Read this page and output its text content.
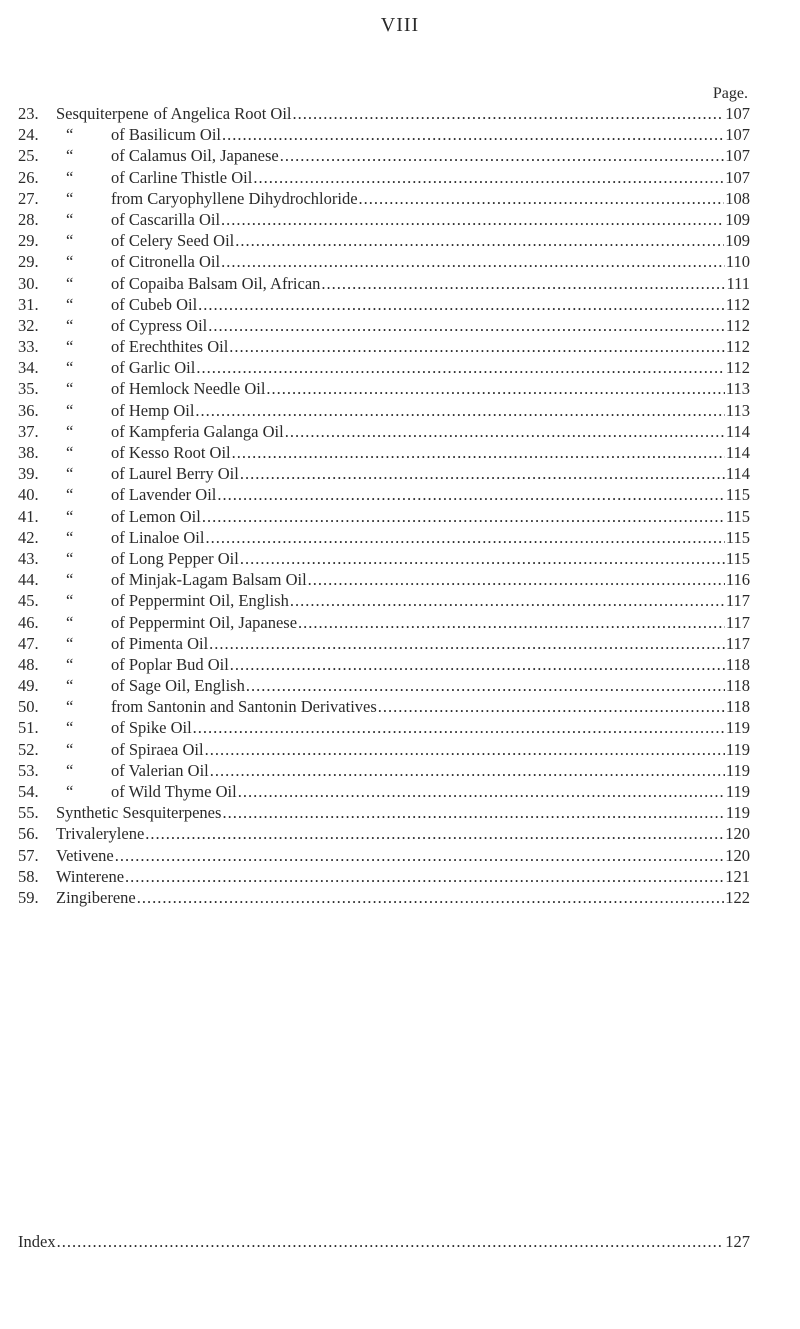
VIII
Page.
23.	Sesquiterpene of Angelica Root Oil .....	107
24.	“	of Basilicum Oil .....	107
25.	“	of Calamus Oil, Japanese .....	107
26.	“	of Carline Thistle Oil .....	107
27.	“	from Caryophyllene Dihydrochloride .....	108
28.	“	of Cascarilla Oil .....	109
29.	“	of Celery Seed Oil .....	109
29.	“	of Citronella Oil .....	110
30.	“	of Copaiba Balsam Oil, African .....	111
31.	“	of Cubeb Oil .....	112
32.	“	of Cypress Oil .....	112
33.	“	of Erechthites Oil .....	112
34.	“	of Garlic Oil .....	112
35.	“	of Hemlock Needle Oil .....	113
36.	“	of Hemp Oil .....	113
37.	“	of Kampferia Galanga Oil .....	114
38.	“	of Kesso Root Oil .....	114
39.	“	of Laurel Berry Oil .....	114
40.	“	of Lavender Oil .....	115
41.	“	of Lemon Oil .....	115
42.	“	of Linaloe Oil .....	115
43.	“	of Long Pepper Oil .....	115
44.	“	of Minjak-Lagam Balsam Oil .....	116
45.	“	of Peppermint Oil, English .....	117
46.	“	of Peppermint Oil, Japanese .....	117
47.	“	of Pimenta Oil .....	117
48.	“	of Poplar Bud Oil .....	118
49.	“	of Sage Oil, English .....	118
50.	“	from Santonin and Santonin Derivatives .....	118
51.	“	of Spike Oil .....	119
52.	“	of Spiraea Oil .....	119
53.	“	of Valerian Oil .....	119
54.	“	of Wild Thyme Oil .....	119
55.	Synthetic Sesquiterpenes .....	119
56.	Trivalerylene .....	120
57.	Vetivene .....	120
58.	Winterene .....	121
59.	Zingiberene .....	122
Index .....	127
